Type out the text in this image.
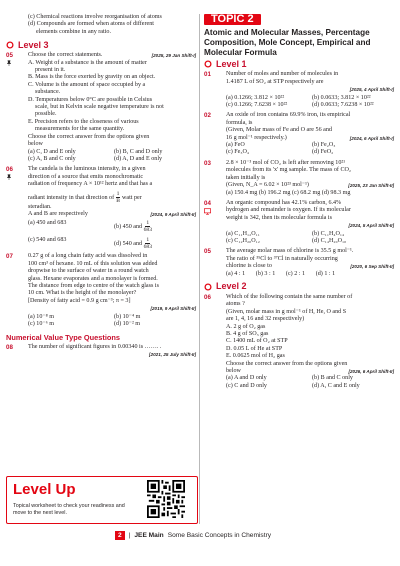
(c) Chemical reactions involve reorganisation of atoms

(d) Compounds are formed when atoms of different

elements combine in any ratio.

Level 3
05 Choose the correct statements.	[2025, 29 Jan Shift-I]
A. Weight of a substance is the amount of matter
present in it.
B. Mass is the force exerted by gravity on an object.
C. Volume is the amount of space occupied by a
substance.
D. Temperatures below 0°C are possible in Celsius
scale, but in Kelvin scale negative temperature is not
possible.
E. Precision refers to the closeness of various
measurements for the same quantity.
Choose the correct answer from the options given
below
(a) C, D and E only	(b) B, C and D only
(c) A, B and C only	(d) A, D and E only
06 The candela is the luminous intensity, in a given
direction of a source that emits monochromatic
radiation of frequency A × 10¹² hertz and that has a
radiant intensity in that direction of $\frac{1}{B}$ watt per
steradian.
A and B are respectively	[2024, 9 April Shift-II]
(a) 450 and 683
(b) 450 and $\frac{1}{683}$
(c) 540 and 683
(d) 540 and $\frac{1}{683}$
07 0.27 g of a long chain fatty acid was dissolved in
100 cm³ of hexane. 10 mL of this solution was added
dropwise to the surface of water in a round watch
glass. Hexane evaporates and a monolayer is formed.
The distance from edge to centre of the watch glass is
10 cm. What is the height of the monolayer?
[Density of fatty acid = 0.9 g cm⁻³; π = 3]
[2019, 9 April Shift-II]
(a) 10⁻⁸ m	(b) 10⁻⁴ m
(c) 10⁻⁶ m	(d) 10⁻² m
Numerical Value Type Questions
08 The number of significant figures in 0.00340 is ……. .
[2021, 25 July Shift-II]
Level Up
Topical worksheet to check your readiness and move to the next level.
TOPIC 2
Atomic and Molecular Masses, Percentage
Composition, Mole Concept, Empirical and
Molecular Formula
Level 1
01 Number of moles and number of molecules in
1.4187 L of SO₂ at STP respectively are
[2025, 4 April Shift-I]
(a) 0.1266; 3.812 × 10²²	(b) 0.0633; 3.812 × 10²²
(c) 0.1266; 7.6238 × 10²²	(d) 0.0633; 7.6238 × 10²²
02 An oxide of iron contains 69.9% iron, its empirical
formula, is
(Given, Molar mass of Fe and O are 56 and
16 g mol⁻¹ respectively.)	[2024, 6 April Shift-I]
(a) FeO	(b) Fe₂O₃
(c) Fe₃O₄	(d) FeO₂
03 2.8 × 10⁻³ mol of CO₂ is left after removing 10²¹
molecules from its 'x' mg sample. The mass of CO₂
taken initially is
(Given, N_A = 6.02 × 10²³ mol⁻¹)	[2025, 23 Jan Shift-II]
(a) 150.4 mg (b) 196.2 mg (c) 68.2 mg (d) 98.3 mg
04 An organic compound has 42.1% carbon, 6.4%
hydrogen and remainder is oxygen. If its molecular
weight is 342, then its molecular formula is
[2024, 5 April Shift-II]
(a) C₁₁H₁₂O₁₁	(b) C₁₁H₄O₁₄
(c) C₁₂H₂₀O₁₂	(d) C₁₄H₂₀O₁₀
05 The average molar mass of chlorine is 35.5 g mol⁻¹.
The ratio of ³⁵Cl to ³⁷Cl in naturally occurring
chlorine is close to	[2020, 6 Sep Shift-II]
(a) 4 : 1       (b) 3 : 1       (c) 2 : 1       (d) 1 : 1
Level 2
06 Which of the following contain the same number of
atoms ?
(Given, molar mass in g mol⁻¹ of H, He, O and S
are 1, 4, 16 and 32 respectively)
A. 2 g of O₂ gas
B. 4 g of SO₃ gas
C. 1400 mL of O₂ at STP
D. 0.05 L of He at STP
E. 0.0625 mol of H₂ gas
Choose the correct answer from the options given
below	[2026, 6 April Shift-II]
(a) A and D only	(b) B and C only
(c) C and D only	(d) A, C and E only
2	| JEE Main Some Basic Concepts in Chemistry
